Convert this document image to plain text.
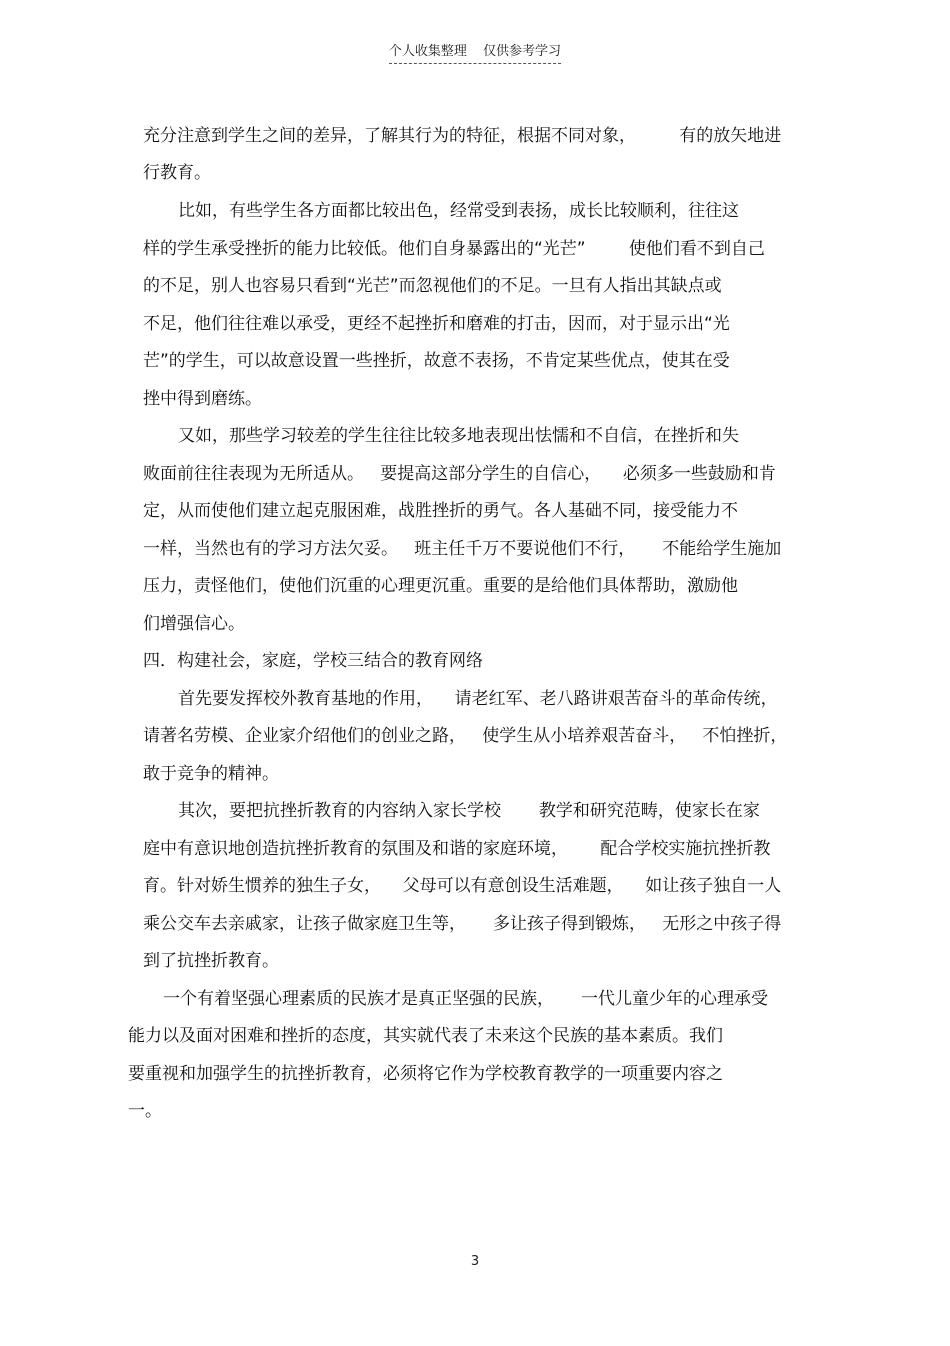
个人收集整理 仅供参考学习
充分注意到学生之间的差异，了解其行为的特征，根据不同对象，        有的放矢地进
行教育。
比如，有些学生各方面都比较出色，经常受到表扬，成长比较顺利，往往这
样的学生承受挫折的能力比较低。他们自身暴露出的“光芒”        使他们看不到自己
的不足，别人也容易只看到“光芒”而忽视他们的不足。一旦有人指出其缺点或
不足，他们往往难以承受，更经不起挫折和磨难的打击，因而，对于显示出“光
芒”的学生，可以故意设置一些挫折，故意不表扬，不肯定某些优点，使其在受
挫中得到磨练。
又如，那些学习较差的学生往往比较多地表现出怯懦和不自信，在挫折和失
败面前往往表现为无所适从。   要提高这部分学生的自信心，    必须多一些鼓励和肯
定，从而使他们建立起克服困难，战胜挫折的勇气。各人基础不同，接受能力不
一样，当然也有的学习方法欠妥。   班主任千万不要说他们不行，     不能给学生施加
压力，责怪他们，使他们沉重的心理更沉重。重要的是给他们具体帮助，激励他
们增强信心。
四．构建社会，家庭，学校三结合的教育网络
首先要发挥校外教育基地的作用，    请老红军、老八路讲艰苦奋斗的革命传统，
请著名劳模、企业家介绍他们的创业之路，   使学生从小培养艰苦奋斗，   不怕挫折，
敢于竞争的精神。
其次，要把抗挫折教育的内容纳入家长学校       教学和研究范畴，使家长在家
庭中有意识地创造抗挫折教育的氛围及和谐的家庭环境，      配合学校实施抗挫折教
育。针对娇生惯养的独生子女，    父母可以有意创设生活难题，    如让孩子独自一人
乘公交车去亲戚家，让孩子做家庭卫生等，     多让孩子得到锻炼，   无形之中孩子得
到了抗挫折教育。
一个有着坚强心理素质的民族才是真正坚强的民族，     一代儿童少年的心理承受
能力以及面对困难和挫折的态度，其实就代表了未来这个民族的基本素质。我们
要重视和加强学生的抗挫折教育，必须将它作为学校教育教学的一项重要内容之
一。
3
